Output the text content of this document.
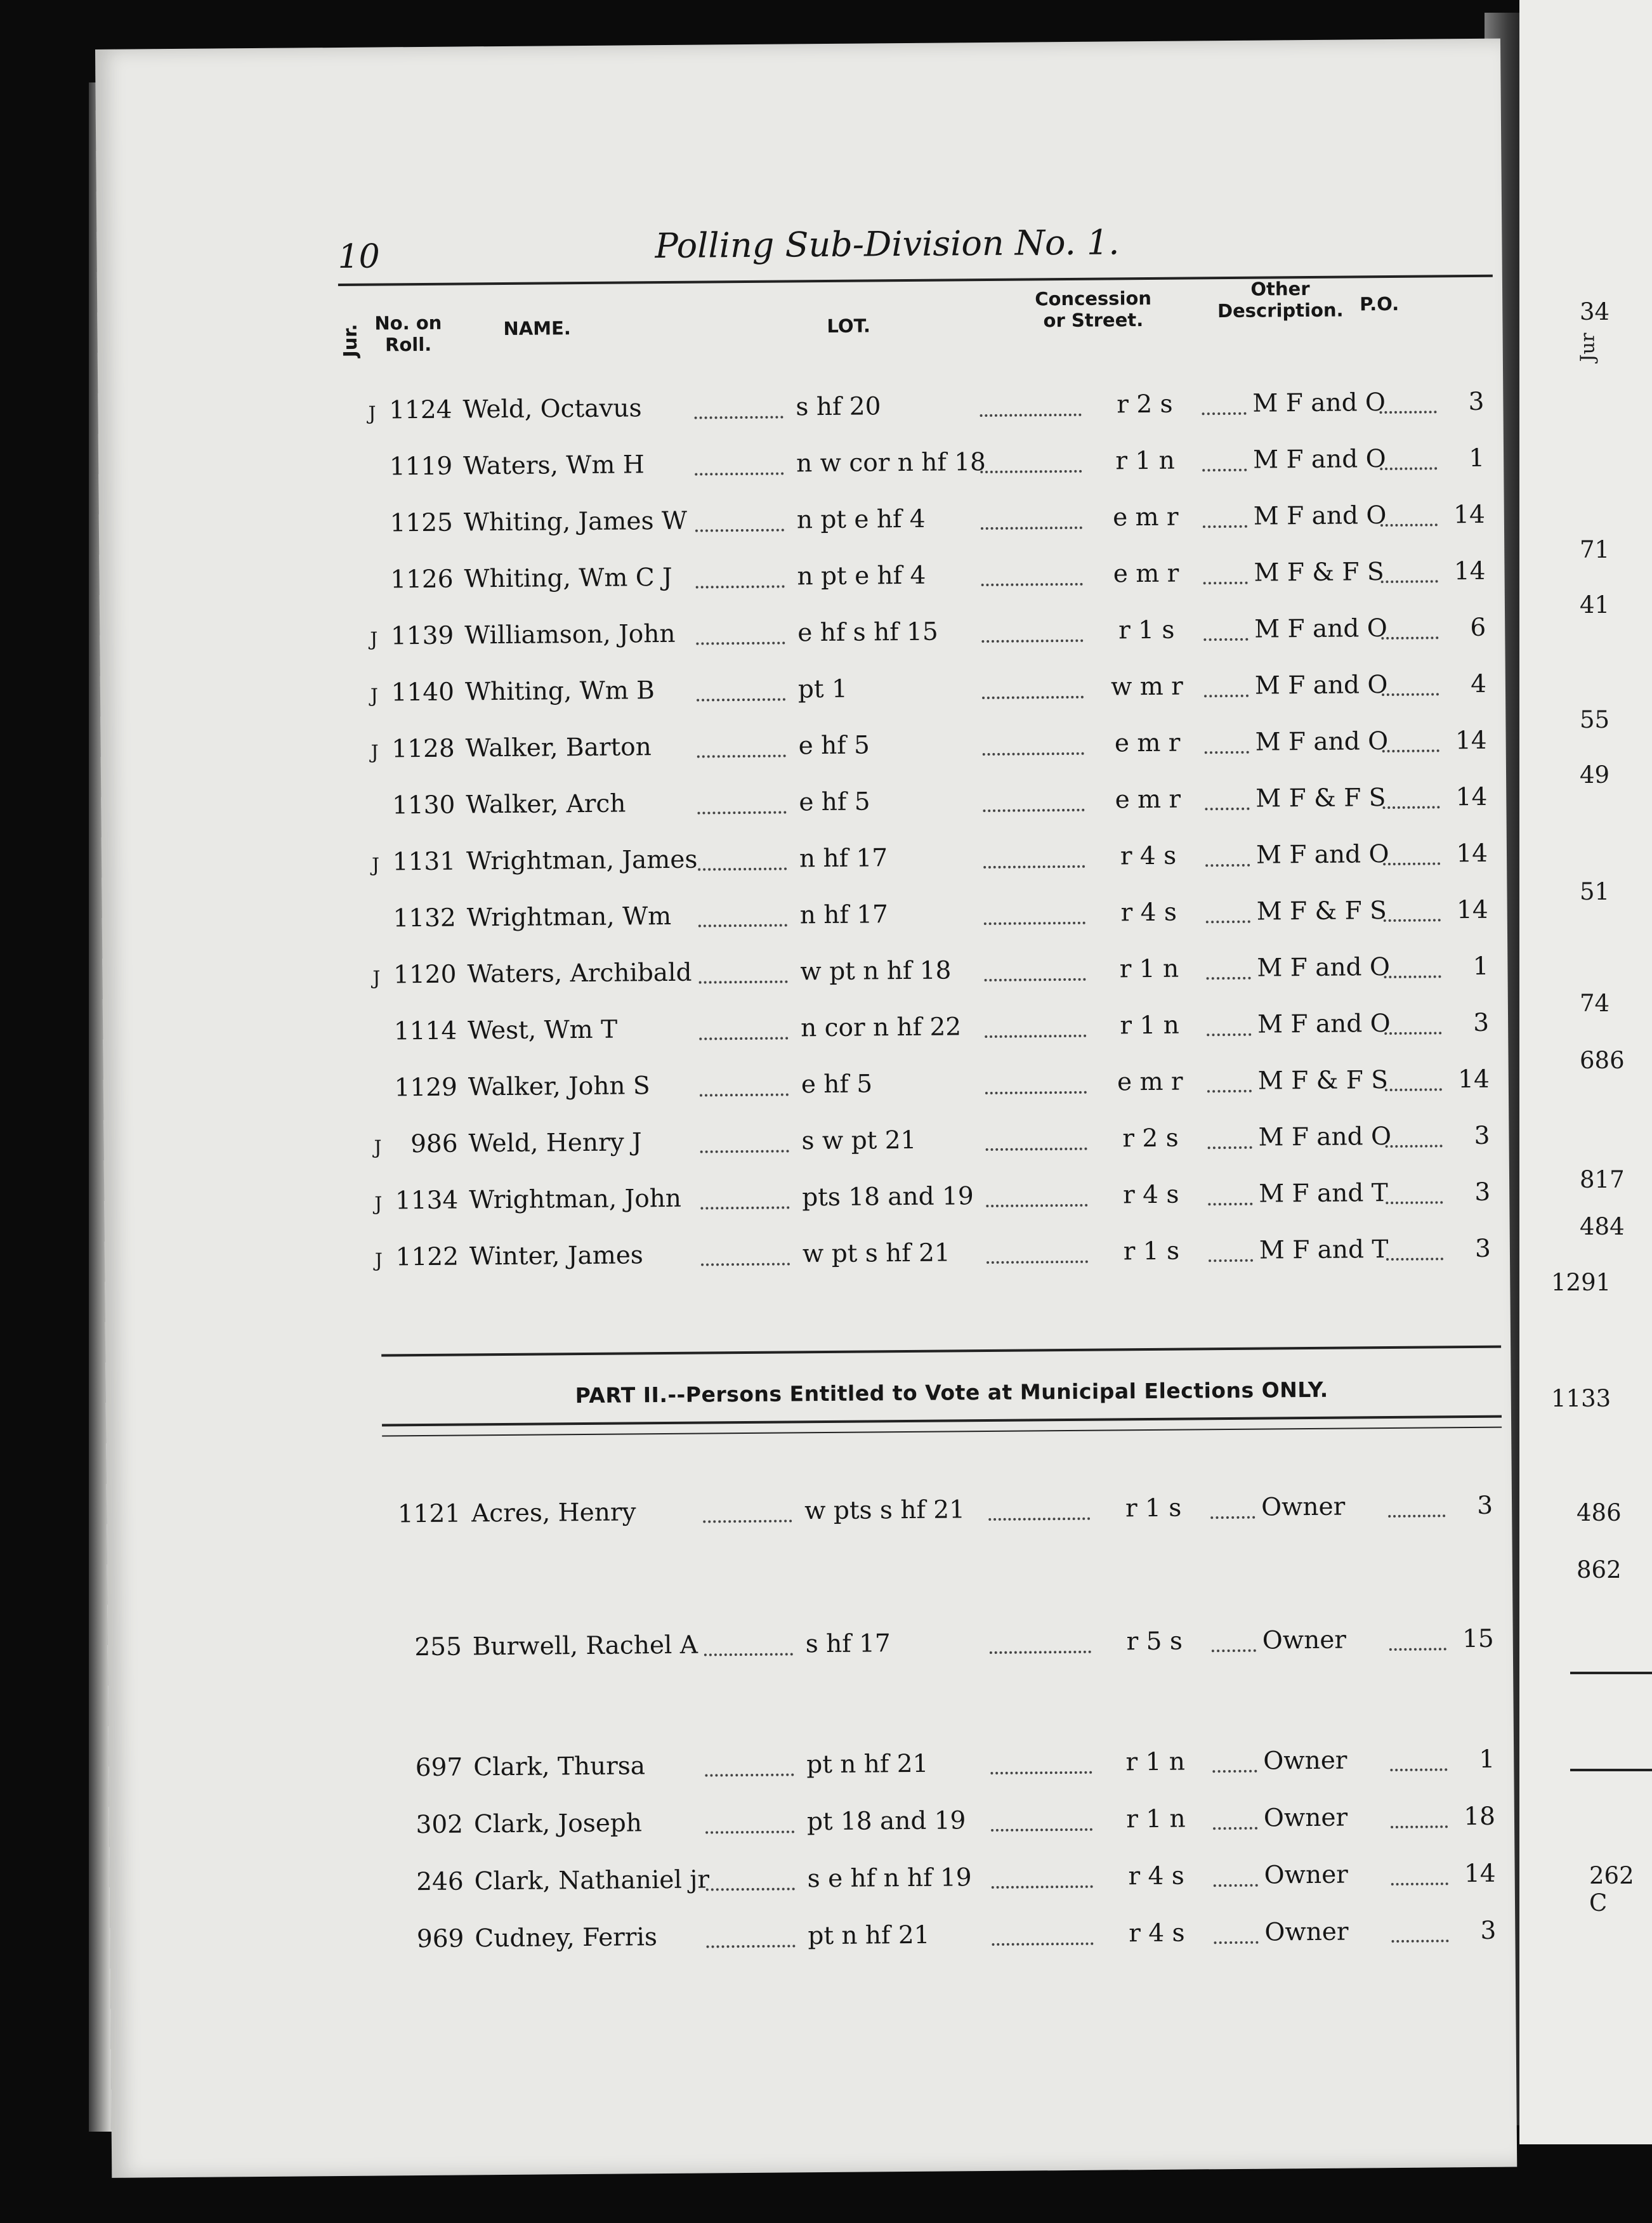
34
71
41
55
49
51
74
686
817
484
1291
1133
486
862
262 C
Jur
10	Polling Sub-Division No. 1.
Jur.
No. on Roll.
NAME.	LOT.
Concession or Street.
Other Description. P.O.
J 1124 Weld, Octavus	s hf 20	r 2 s	M F and O	3
1119 Waters, Wm H	n w cor n hf 18	r 1 n	M F and O	1
1125 Whiting, James W	n pt e hf 4	e m r	M F and O	14
1126 Whiting, Wm C J	n pt e hf 4	e m r	M F & F S	14
J 1139 Williamson, John	e hf s hf 15	r 1 s	M F and O	6
J 1140 Whiting, Wm B	pt 1	w m r	M F and O	4
J 1128 Walker, Barton	e hf 5	e m r	M F and O	14
1130 Walker, Arch	e hf 5	e m r	M F & F S	14
J 1131 Wrightman, James	n hf 17	r 4 s	M F and O	14
1132 Wrightman, Wm	n hf 17	r 4 s	M F & F S	14
J 1120 Waters, Archibald	w pt n hf 18	r 1 n	M F and O	1
1114 West, Wm T	n cor n hf 22	r 1 n	M F and O	3
1129 Walker, John S	e hf 5	e m r	M F & F S	14
J	986 Weld, Henry J	s w pt 21	r 2 s	M F and O	3
J 1134 Wrightman, John	pts 18 and 19	r 4 s	M F and T	3
J 1122 Winter, James	w pt s hf 21	r 1 s	M F and T	3
PART II.--Persons Entitled to Vote at Municipal Elections ONLY.
1121 Acres, Henry	w pts s hf 21	r 1 s	Owner	3
255 Burwell, Rachel A	s hf 17	r 5 s	Owner	15
697 Clark, Thursa	pt n hf 21	r 1 n	Owner	1
302 Clark, Joseph	pt 18 and 19	r 1 n	Owner	18
246 Clark, Nathaniel jr	s e hf n hf 19	r 4 s	Owner	14
969 Cudney, Ferris	pt n hf 21	r 4 s	Owner	3
